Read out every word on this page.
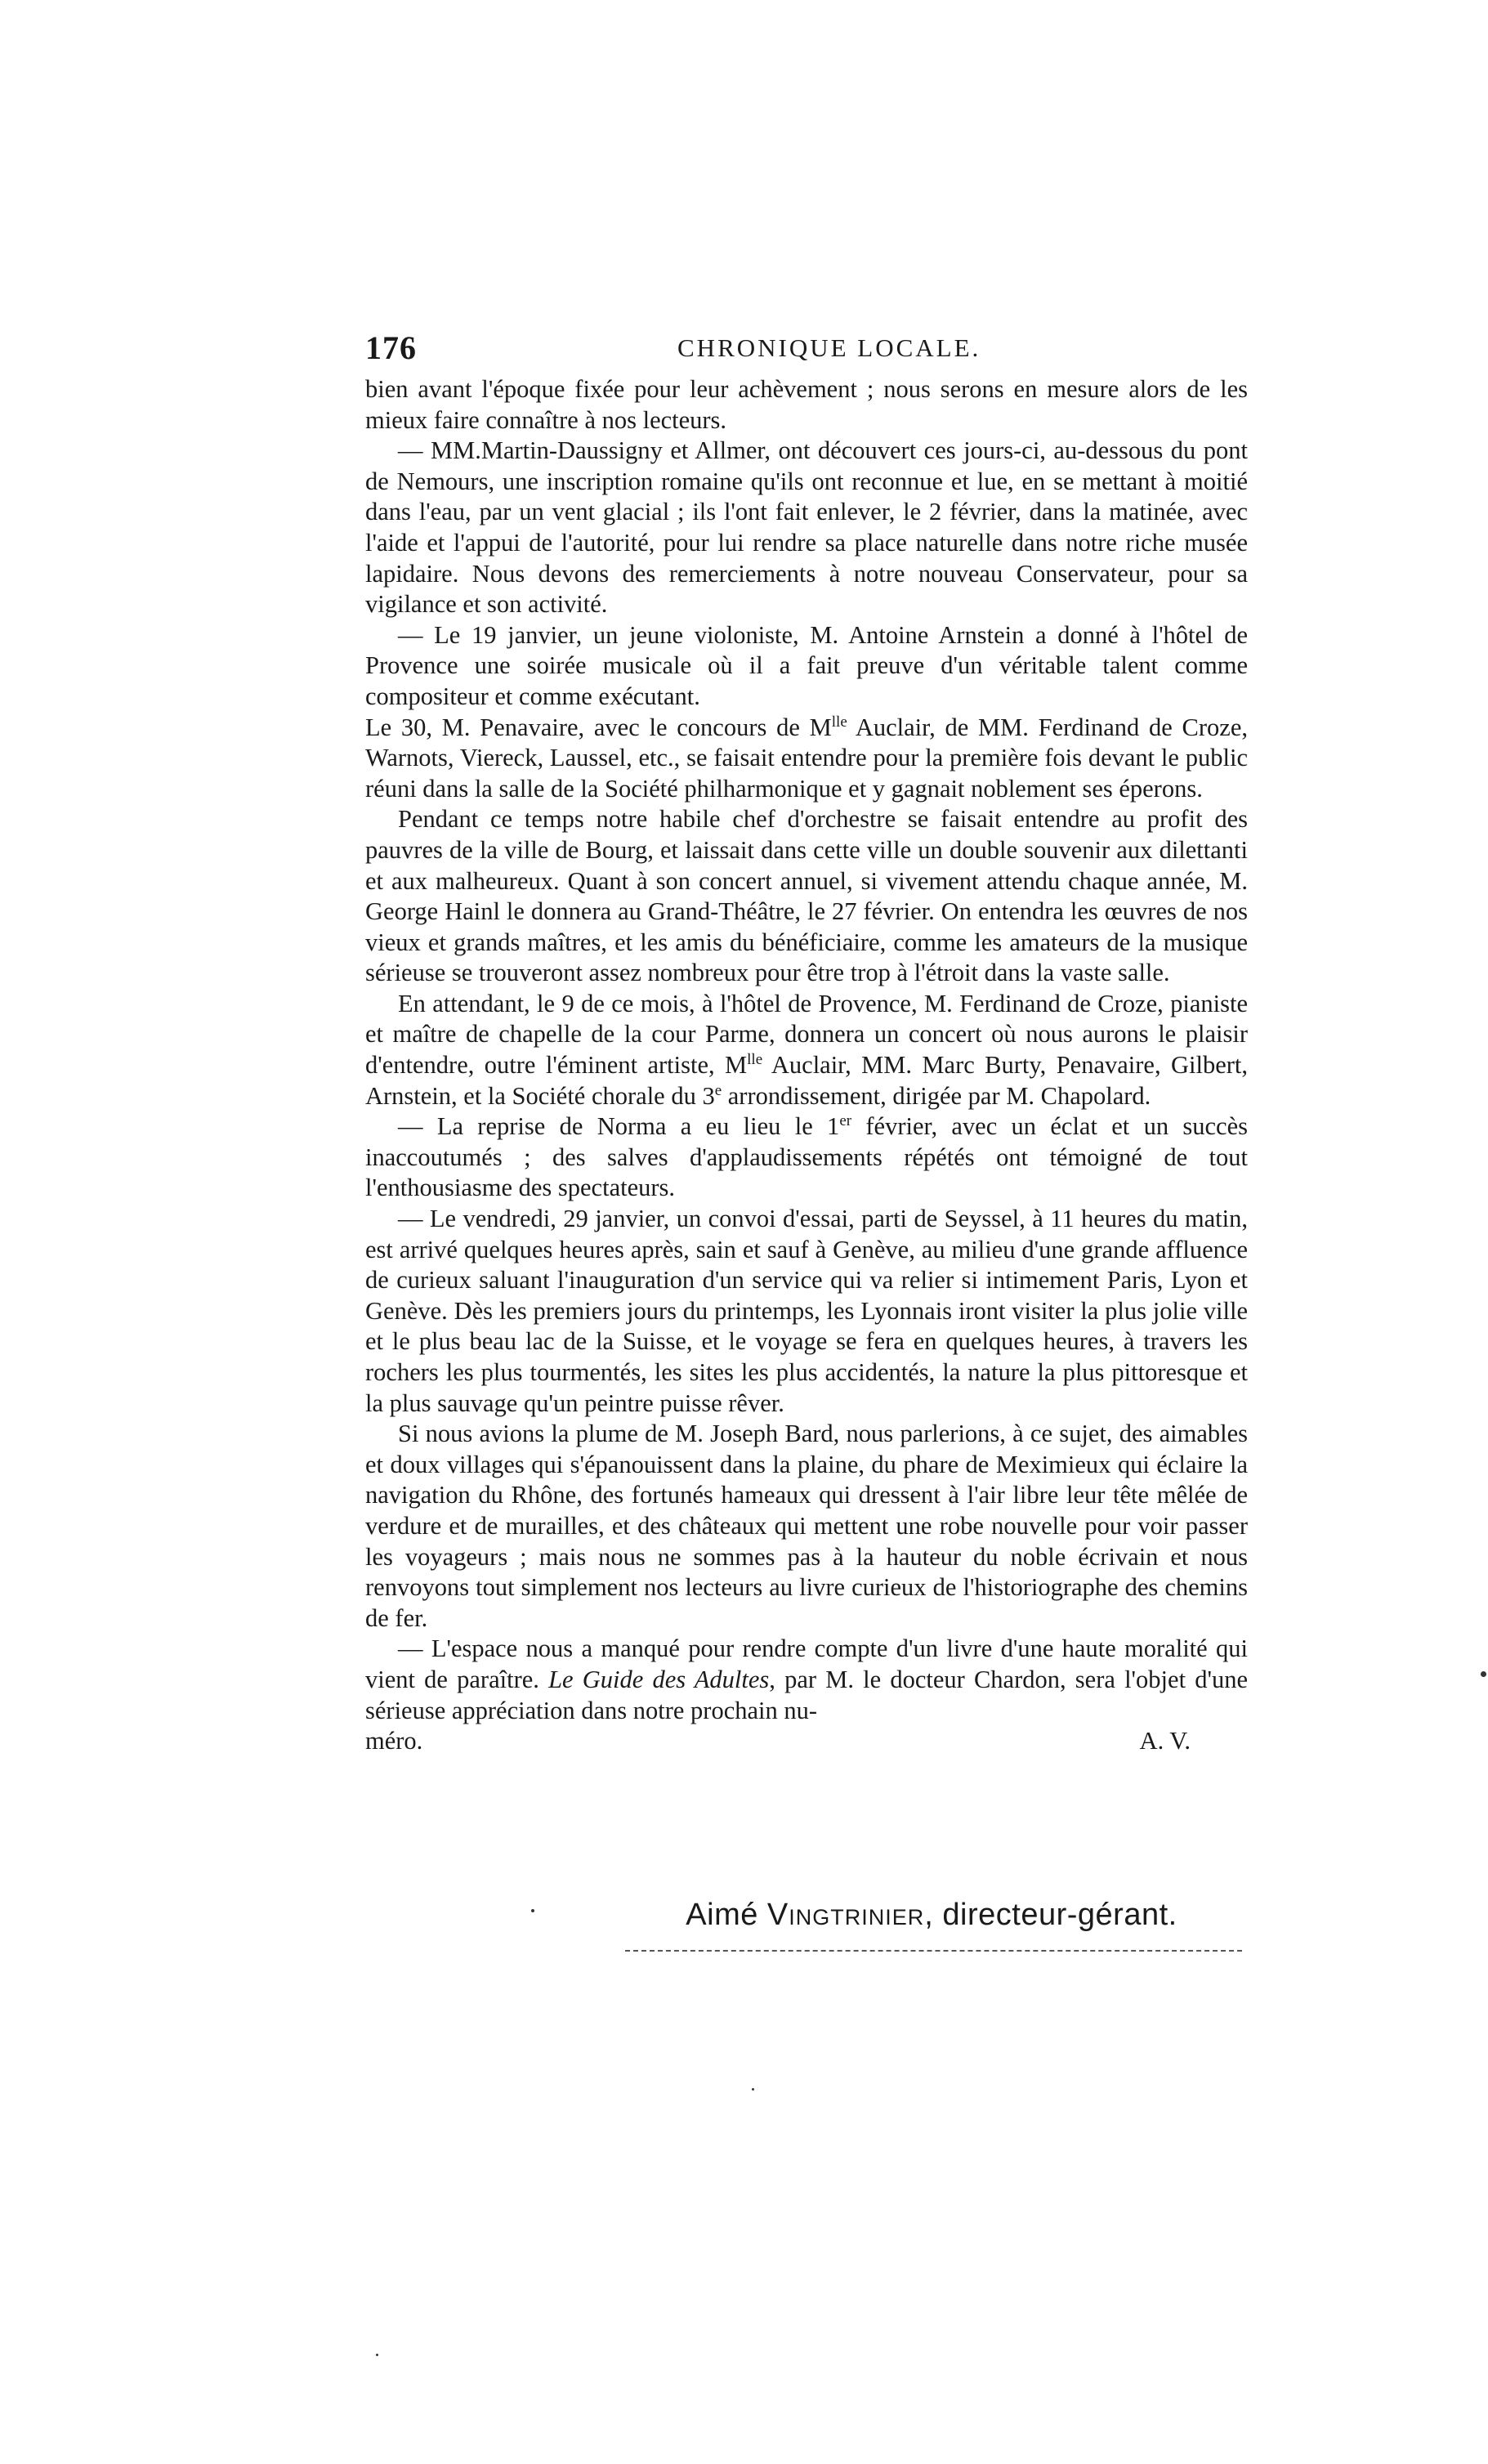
176	CHRONIQUE LOCALE.

bien avant l'époque fixée pour leur achèvement ; nous serons en mesure alors de les mieux faire connaître à nos lecteurs.

— MM.Martin-Daussigny et Allmer, ont découvert ces jours-ci, au-dessous du pont de Nemours, une inscription romaine qu'ils ont reconnue et lue, en se mettant à moitié dans l'eau, par un vent glacial ; ils l'ont fait enlever, le 2 février, dans la matinée, avec l'aide et l'appui de l'autorité, pour lui rendre sa place naturelle dans notre riche musée lapidaire. Nous devons des remerciements à notre nouveau Conservateur, pour sa vigilance et son activité.

— Le 19 janvier, un jeune violoniste, M. Antoine Arnstein a donné à l'hôtel de Provence une soirée musicale où il a fait preuve d'un véritable talent comme compositeur et comme exécutant.

Le 30, M. Penavaire, avec le concours de $M^{lle}$ Auclair, de MM. Ferdinand de Croze, Warnots, Viereck, Laussel, etc., se faisait entendre pour la première fois devant le public réuni dans la salle de la Société philharmonique et y gagnait noblement ses éperons.

Pendant ce temps notre habile chef d'orchestre se faisait entendre au profit des pauvres de la ville de Bourg, et laissait dans cette ville un double souvenir aux dilettanti et aux malheureux. Quant à son concert annuel, si vivement attendu chaque année, M. George Hainl le donnera au Grand-Théâtre, le 27 février. On entendra les œuvres de nos vieux et grands maîtres, et les amis du bénéficiaire, comme les amateurs de la musique sérieuse se trouveront assez nombreux pour être trop à l'étroit dans la vaste salle.

En attendant, le 9 de ce mois, à l'hôtel de Provence, M. Ferdinand de Croze, pianiste et maître de chapelle de la cour Parme, donnera un concert où nous aurons le plaisir d'entendre, outre l'éminent artiste, $M^{lle}$ Auclair, MM. Marc Burty, Penavaire, Gilbert, Arnstein, et la Société chorale du 3e arrondissement, dirigée par M. Chapolard.

— La reprise de Norma a eu lieu le 1er février, avec un éclat et un succès inaccoutumés ; des salves d'applaudissements répétés ont témoigné de tout l'enthousiasme des spectateurs.

— Le vendredi, 29 janvier, un convoi d'essai, parti de Seyssel, à 11 heures du matin, est arrivé quelques heures après, sain et sauf à Genève, au milieu d'une grande affluence de curieux saluant l'inauguration d'un service qui va relier si intimement Paris, Lyon et Genève. Dès les premiers jours du printemps, les Lyonnais iront visiter la plus jolie ville et le plus beau lac de la Suisse, et le voyage se fera en quelques heures, à travers les rochers les plus tourmentés, les sites les plus accidentés, la nature la plus pittoresque et la plus sauvage qu'un peintre puisse rêver.

Si nous avions la plume de M. Joseph Bard, nous parlerions, à ce sujet, des aimables et doux villages qui s'épanouissent dans la plaine, du phare de Meximieux qui éclaire la navigation du Rhône, des fortunés hameaux qui dressent à l'air libre leur tête mêlée de verdure et de murailles, et des châteaux qui mettent une robe nouvelle pour voir passer les voyageurs ; mais nous ne sommes pas à la hauteur du noble écrivain et nous renvoyons tout simplement nos lecteurs au livre curieux de l'historiographe des chemins de fer.

— L'espace nous a manqué pour rendre compte d'un livre d'une haute moralité qui vient de paraître. Le Guide des Adultes, par M. le docteur Chardon, sera l'objet d'une sérieuse appréciation dans notre prochain nu-

méro.	A. V.
Aimé Vingtrinier, directeur-gérant.
